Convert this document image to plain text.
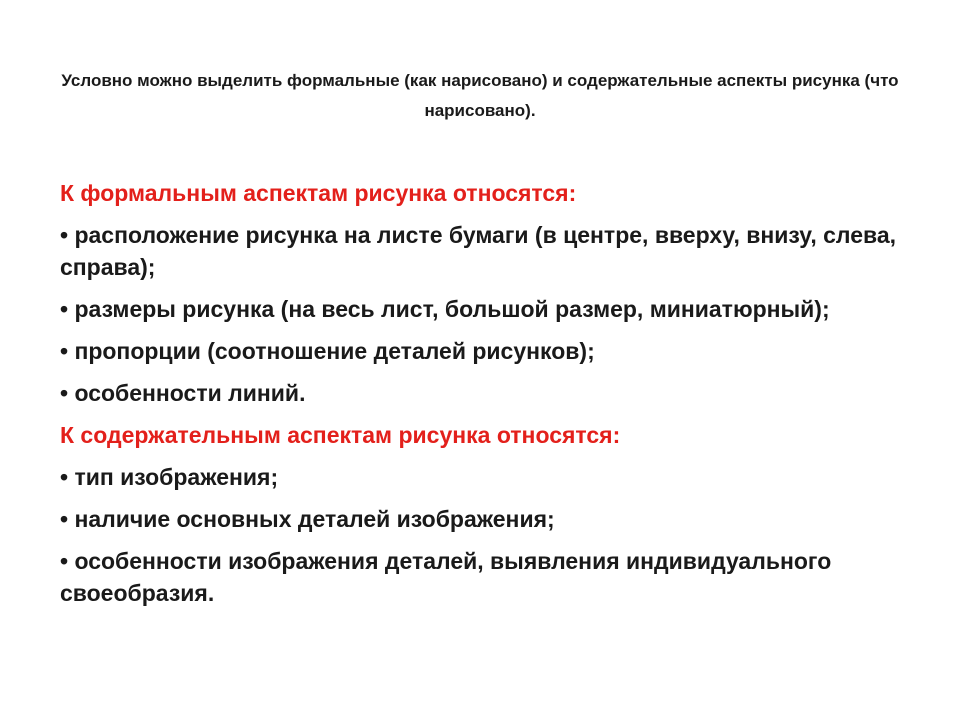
Условно можно выделить формальные (как нарисовано) и содержательные аспекты рисунка (что нарисовано).
К формальным аспектам рисунка относятся:
• расположение рисунка на листе бумаги (в центре, вверху, внизу, слева, справа);
• размеры рисунка (на весь лист, большой размер, миниатюрный);
• пропорции (соотношение деталей рисунков);
• особенности линий.
К содержательным аспектам рисунка относятся:
• тип изображения;
• наличие основных деталей изображения;
• особенности изображения деталей, выявления индивидуального своеобразия.
